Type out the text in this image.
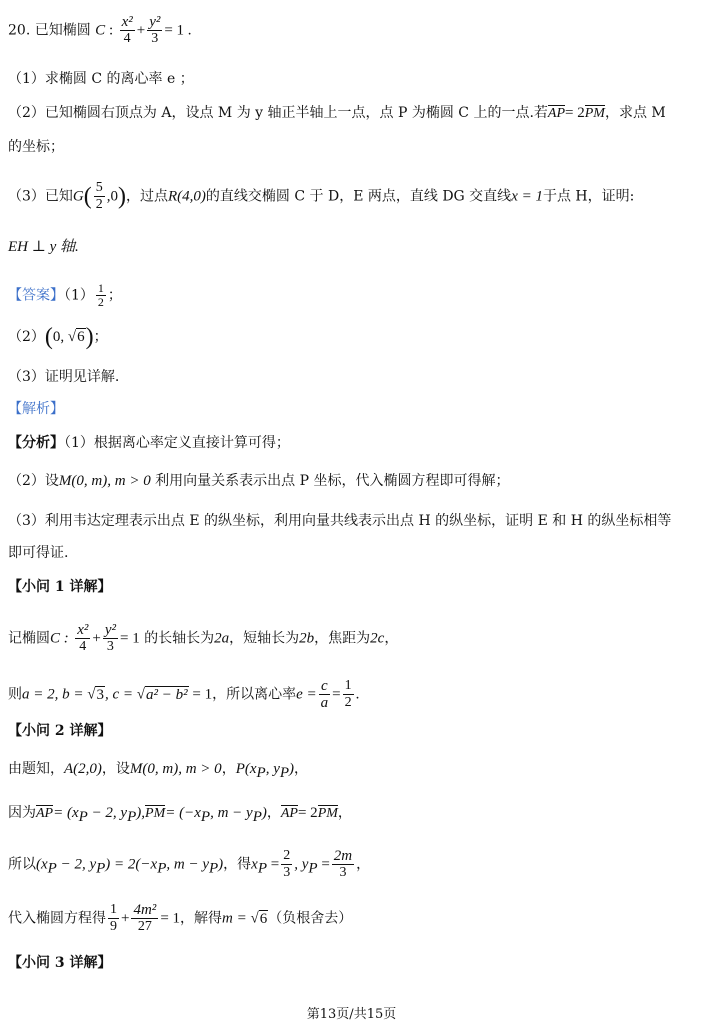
20. 已知椭圆 C : $\frac{\text{x²}}{4} + \frac{\text{y²}}{3} = 1$ .
（1）求椭圆 C 的离心率 e ；
（2）已知椭圆右顶点为 A，设点 M 为 y 轴正半轴上一点，点 P 为椭圆 C 上的一点.若AP= 2PM，求点 M
的坐标；
（3）已知$G( \frac{5}{2} ,0)$，过点R(4,0)的直线交椭圆 C 于 D，E 两点，直线 DG 交直线x = 1于点 H，证明:
EH ⊥ y 轴.
【答案】$(1) \frac{1}{2}$ ；
（2）(0, √6)；
（3）证明见详解.
【解析】
【分析】（1）根据离心率定义直接计算可得；
（2）设M(0, m), m > 0 利用向量关系表示出点 P 坐标，代入椭圆方程即可得解；
（3）利用韦达定理表示出点 E 的纵坐标，利用向量共线表示出点 H 的纵坐标，证明 E 和 H 的纵坐标相等
即可得证.
【小问 1 详解】
记椭圆C : $\frac{\text{x²}}{4} + \frac{\text{y²}}{3} = 1$ 的长轴长为2a，短轴长为2b，焦距为2c，
则a = 2, b = √3, c = √a² − b² = 1，所以离心率$e = \frac{c}{a} = \frac{1}{2}$ .
【小问 2 详解】
由题知，A(2,0)，设M(0, m), m > 0，$P(x_P$, $y_P$)，
因为$AP= (x_P - 2$, $y_P),PM= (-x_P$, $m - y_P$)，AP= 2PM，
所以($x_P - 2$, $y_P) = 2(-x_P$, $m - y_P$)，得$x_P = \frac{2}{3}$ , $y_P = \frac{2m}{3}$ ，
代入椭圆方程得 $\frac{1}{9} + \frac{\text{4m²}}{27} = 1$，解得m = √6（负根舍去）
【小问 3 详解】
第13页/共15页
